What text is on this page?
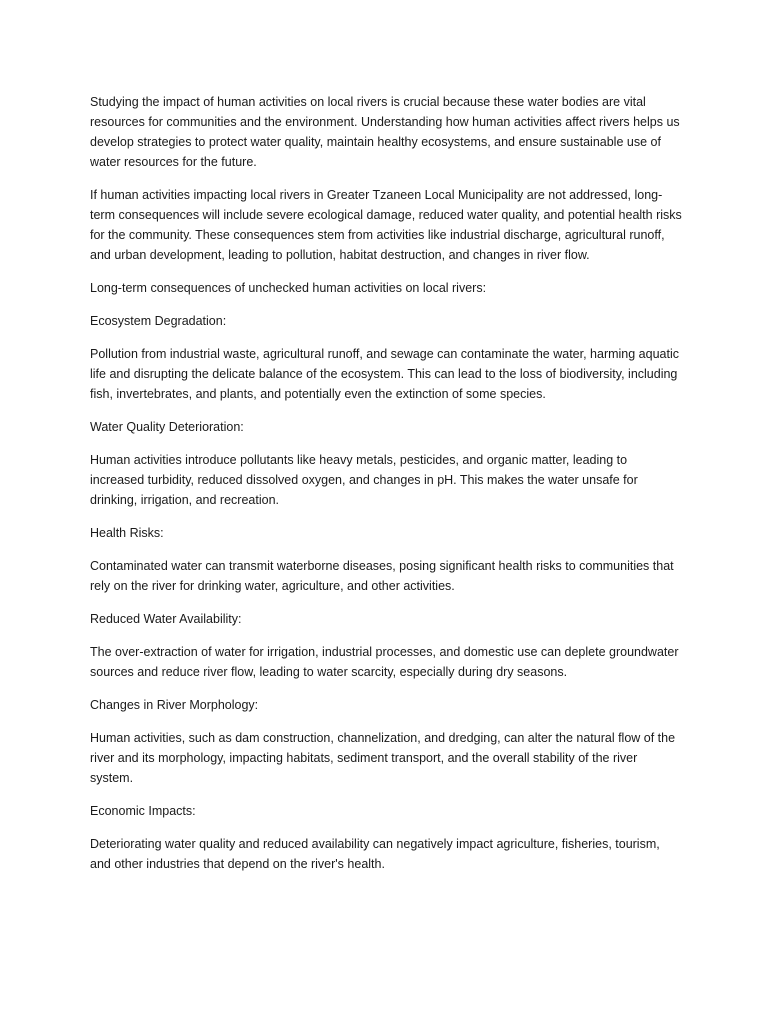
Studying the impact of human activities on local rivers is crucial because these water bodies are vital resources for communities and the environment. Understanding how human activities affect rivers helps us develop strategies to protect water quality, maintain healthy ecosystems, and ensure sustainable use of water resources for the future.

If human activities impacting local rivers in Greater Tzaneen Local Municipality are not addressed, long-term consequences will include severe ecological damage, reduced water quality, and potential health risks for the community. These consequences stem from activities like industrial discharge, agricultural runoff, and urban development, leading to pollution, habitat destruction, and changes in river flow.

Long-term consequences of unchecked human activities on local rivers:

Ecosystem Degradation:

Pollution from industrial waste, agricultural runoff, and sewage can contaminate the water, harming aquatic life and disrupting the delicate balance of the ecosystem. This can lead to the loss of biodiversity, including fish, invertebrates, and plants, and potentially even the extinction of some species.

Water Quality Deterioration:

Human activities introduce pollutants like heavy metals, pesticides, and organic matter, leading to increased turbidity, reduced dissolved oxygen, and changes in pH. This makes the water unsafe for drinking, irrigation, and recreation.

Health Risks:

Contaminated water can transmit waterborne diseases, posing significant health risks to communities that rely on the river for drinking water, agriculture, and other activities.

Reduced Water Availability:

The over-extraction of water for irrigation, industrial processes, and domestic use can deplete groundwater sources and reduce river flow, leading to water scarcity, especially during dry seasons.

Changes in River Morphology:

Human activities, such as dam construction, channelization, and dredging, can alter the natural flow of the river and its morphology, impacting habitats, sediment transport, and the overall stability of the river system.

Economic Impacts:

Deteriorating water quality and reduced availability can negatively impact agriculture, fisheries, tourism, and other industries that depend on the river's health.
